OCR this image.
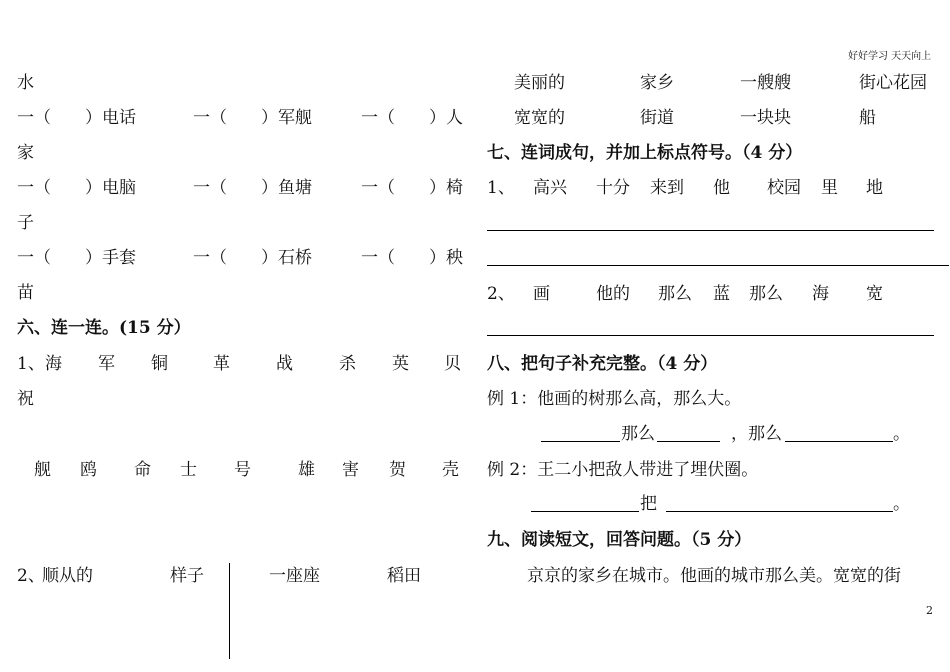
好好学习 天天向上
水
一（　　）电话	一（　　）军舰	一（　　）人
家
一（　　）电脑	一（　　）鱼塘	一（　　）椅
子
一（　　）手套	一（　　）石桥	一（　　）秧
苗
六、连一连。(15 分）
1、 海 军 铜	革	战	杀 英 贝
祝
舰 鸥 命 士 号	雄 害 贺 壳
2、
顺从的	样子	一座座	稻田
美丽的	家乡	一艘艘	街心花园
宽宽的	街道	一块块	船
七、连词成句，并加上标点符号。（4 分）
1、 高兴 十分 来到 他 校园 里 地
2、 画	他的 那么 蓝 那么 海 宽
八、把句子补充完整。（4 分）
例 1：他画的树那么高，那么大。
那么	，那么	。
例 2：王二小把敌人带进了埋伏圈。
把	。
九、阅读短文，回答问题。（5 分）
京京的家乡在城市。他画的城市那么美。宽宽的街
2
